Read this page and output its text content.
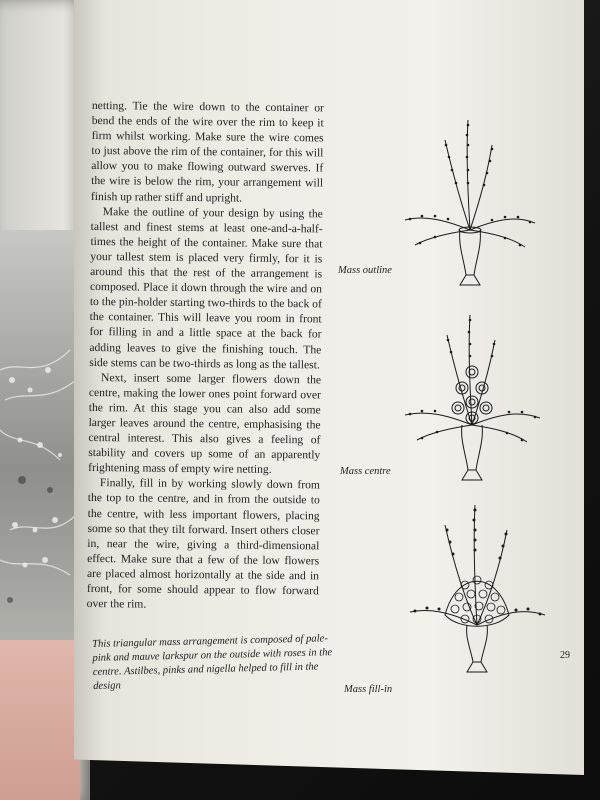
netting. Tie the wire down to the container or bend the ends of the wire over the rim to keep it firm whilst working. Make sure the wire comes to just above the rim of the container, for this will allow you to make flowing outward swerves. If the wire is below the rim, your arrangement will finish up rather stiff and upright.

Make the outline of your design by using the tallest and finest stems at least one-and-a-half-times the height of the container. Make sure that your tallest stem is placed very firmly, for it is around this that the rest of the arrangement is composed. Place it down through the wire and on to the pin-holder starting two-thirds to the back of the container. This will leave you room in front for filling in and a little space at the back for adding leaves to give the finishing touch. The side stems can be two-thirds as long as the tallest.

Next, insert some larger flowers down the centre, making the lower ones point forward over the rim. At this stage you can also add some larger leaves around the centre, emphasising the central interest. This also gives a feeling of stability and covers up some of an apparently frightening mass of empty wire netting.

Finally, fill in by working slowly down from the top to the centre, and in from the outside to the centre, with less important flowers, placing some so that they tilt forward. Insert others closer in, near the wire, giving a third-dimensional effect. Make sure that a few of the low flowers are placed almost horizontally at the side and in front, for some should appear to flow forward over the rim.

This triangular mass arrangement is composed of pale-pink and mauve larkspur on the outside with roses in the centre. Astilbes, pinks and nigella helped to fill in the design
Mass outline
Mass centre
Mass fill-in
29
